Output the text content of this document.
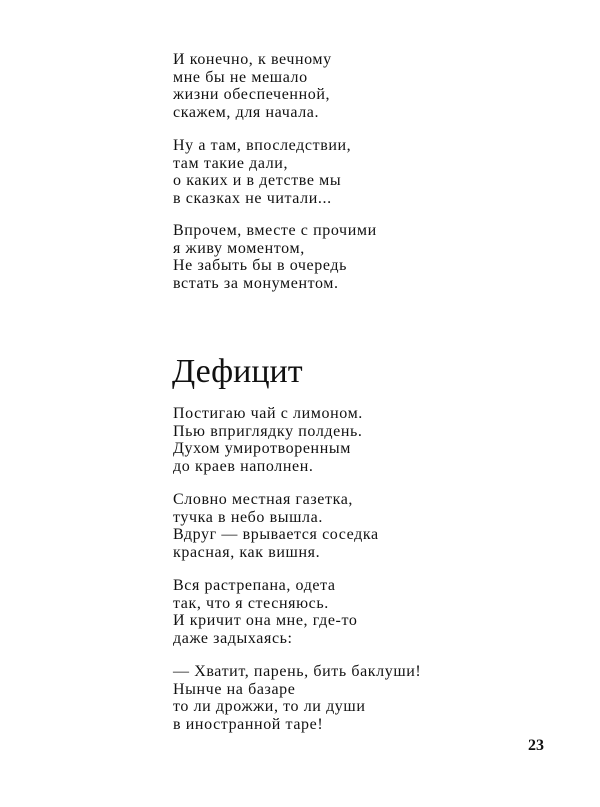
И конечно, к вечному
мне бы не мешало
жизни обеспеченной,
скажем, для начала.
Ну а там, впоследствии,
там такие дали,
о каких и в детстве мы
в сказках не читали...
Впрочем, вместе с прочими
я живу моментом,
Не забыть бы в очередь
встать за монументом.
Дефицит
Постигаю чай с лимоном.
Пью вприглядку полдень.
Духом умиротворенным
до краев наполнен.
Словно местная газетка,
тучка в небо вышла.
Вдруг — врывается соседка
красная, как вишня.
Вся растрепана, одета
так, что я стесняюсь.
И кричит она мне, где-то
даже задыхаясь:
— Хватит, парень, бить баклуши!
Нынче на базаре
то ли дрожжи, то ли души
в иностранной таре!
23
